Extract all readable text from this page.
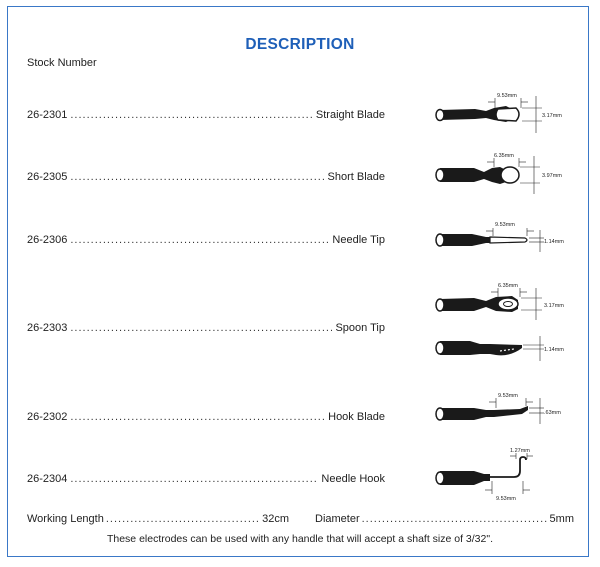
DESCRIPTION
Stock Number
26-2301 .....	Straight Blade
9.53mm
3.17mm
26-2305 .....	Short Blade
6.35mm
3.97mm
26-2306 .....	Needle Tip
9.53mm
1.14mm
26-2303 .....	Spoon Tip
6.35mm
3.17mm
1.14mm
26-2302 .....	Hook Blade
9.53mm
.63mm
26-2304 .....	Needle Hook
1.27mm
9.53mm
Working Length .....	32cm Diameter .....	5mm
These electrodes can be used with any handle that will accept a shaft size of 3/32".
